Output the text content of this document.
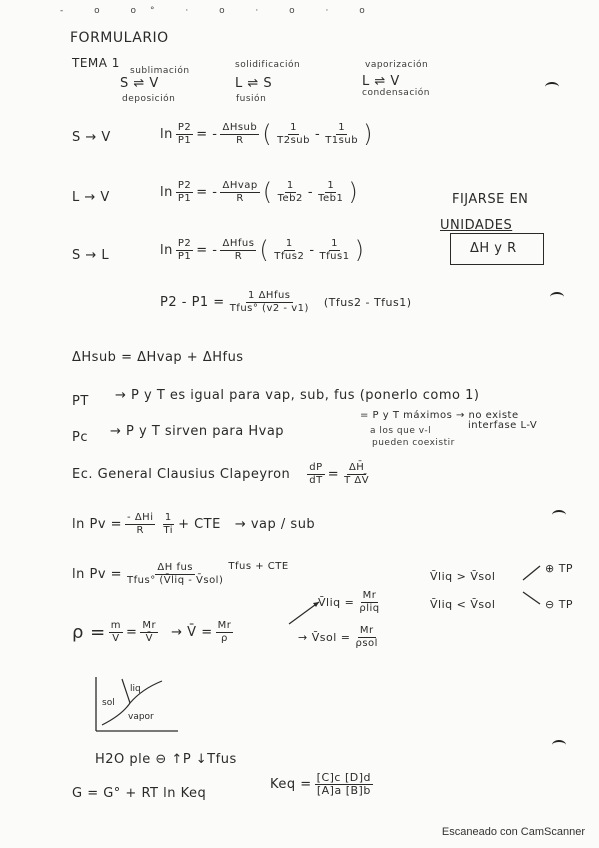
- o o° · o · o · o
FORMULARIO
TEMA 1
sublimación
S ⇌ V
deposición
solidificación
L ⇌ S
fusión
vaporización
L ⇌ V
condensación
S → V	$\ln \frac{P2}{P1}$ = - $\frac{\text{ΔHsub}}{R}$ ( $\frac{1}{\text{T2sub}} - \frac{1}{\text{T1sub}}$ )
L → V	$\ln \frac{P2}{P1}$ = - $\frac{\text{ΔHvap}}{R}$ ( $\frac{1}{\text{Teb2}} - \frac{1}{\text{Teb1}}$ )
S → L	$\ln \frac{P2}{P1}$ = - $\frac{\text{ΔHfus}}{R}$ ( $\frac{1}{\text{Tfus2}} - \frac{1}{\text{Tfus1}}$ )
FIJARSE EN
UNIDADES
ΔH y R
$P2 - P1 = \frac{\text{1 ΔHfus}}{\text{Tfus° (v2 - v1)}}$ (Tfus2 - Tfus1)
ΔHsub = ΔHvap + ΔHfus
PT → P y T es igual para vap, sub, fus (ponerlo como 1)
Pc → P y T sirven para Hvap
= P y T máximos → no existe
a los que v-l
pueden coexistir
interfase L-V
Ec. General Clausius Clapeyron $\frac{dP}{dT} = \frac{\Delta H̄}{\text{T ΔV̄}}$
$\ln Pv = \frac{\text{- ΔHi}}{R} \frac{1}{Ti}$ + CTE → vap / sub
$\ln Pv = \frac{\text{ΔH fus}}{\text{Tfus° (V̄liq - V̄sol)}}$ Tfus + CTE
V̄liq > V̄sol
V̄liq < V̄sol
⊕ TP
⊖ TP
$\rho = \frac{m}{V} = \frac{Mr}{V̄}$ → V̄ = $\frac{Mr}{\rho}$
V̄liq = $\frac{Mr}{\text{ρliq}}$
→ V̄sol = $\frac{Mr}{\text{ρsol}}$
sol
liq
vapor
H2O ple ⊖ ↑P ↓Tfus
G = G° + RT ln Keq
Keq = $\frac{[C]c [D]d}{[A]a [B]b}$
Escaneado con CamScanner
